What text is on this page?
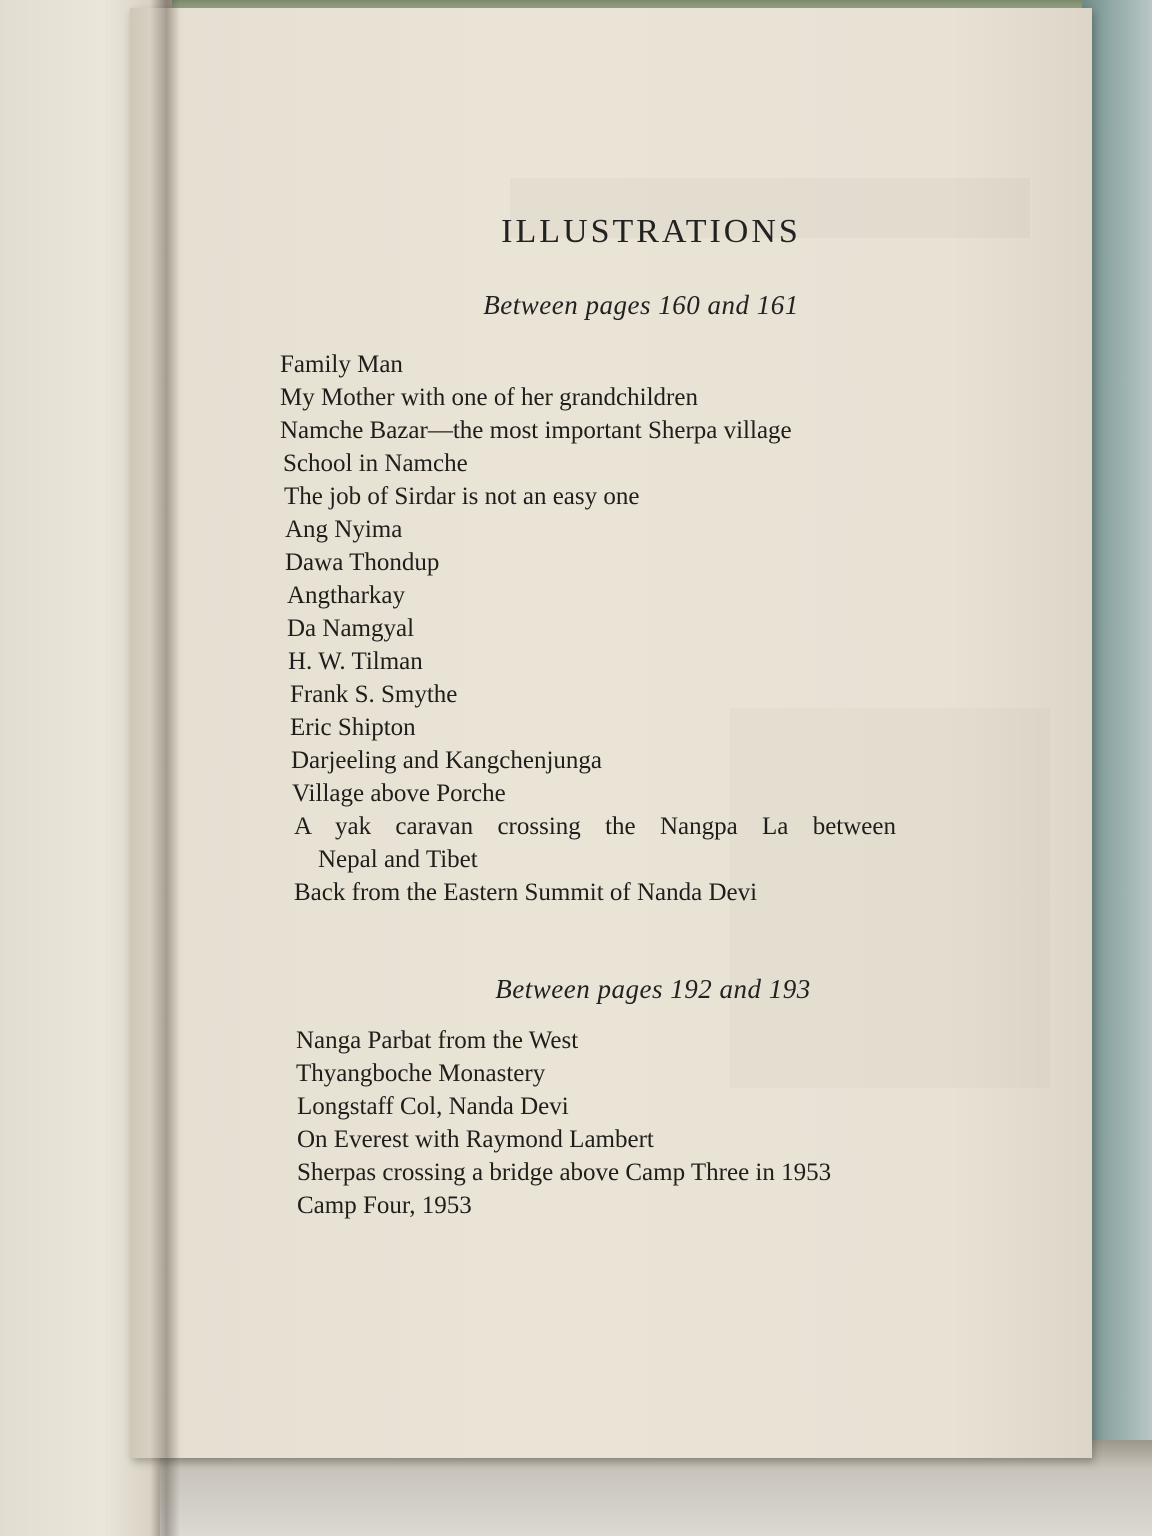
ILLUSTRATIONS
Between pages 160 and 161
Family Man
My Mother with one of her grandchildren
Namche Bazar—the most important Sherpa village
School in Namche
The job of Sirdar is not an easy one
Ang Nyima
Dawa Thondup
Angtharkay
Da Namgyal
H. W. Tilman
Frank S. Smythe
Eric Shipton
Darjeeling and Kangchenjunga
Village above Porche
A yak caravan crossing the Nangpa La between
Nepal and Tibet
Back from the Eastern Summit of Nanda Devi
Between pages 192 and 193
Nanga Parbat from the West
Thyangboche Monastery
Longstaff Col, Nanda Devi
On Everest with Raymond Lambert
Sherpas crossing a bridge above Camp Three in 1953
Camp Four, 1953
